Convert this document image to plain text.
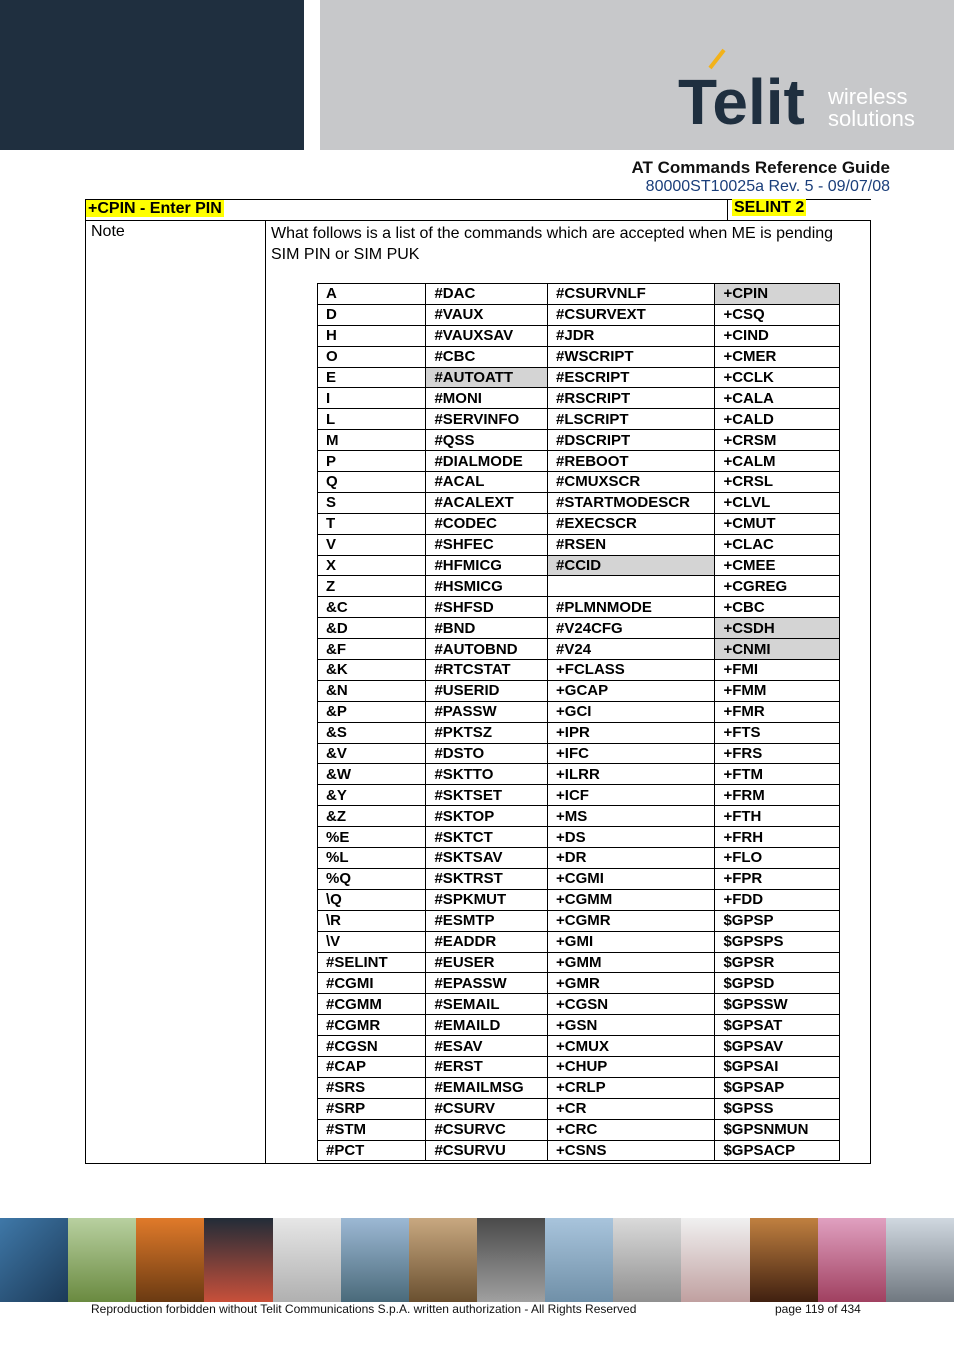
Telit wireless
solutions
AT Commands Reference Guide
80000ST10025a Rev. 5 - 09/07/08
+CPIN - Enter PIN
Note	What follows is a list of the commands which are accepted when ME is pending SIM PIN or SIM PUK
A	#DAC	#CSURVNLF	+CPIN	
D	#VAUX	#CSURVEXT	+CSQ	
H	#VAUXSAV	#JDR	+CIND	
O	#CBC	#WSCRIPT	+CMER	
E	#AUTOATT	#ESCRIPT	+CCLK	
I	#MONI	#RSCRIPT	+CALA	
L	#SERVINFO	#LSCRIPT	+CALD	
M	#QSS	#DSCRIPT	+CRSM	
P	#DIALMODE	#REBOOT	+CALM	
Q	#ACAL	#CMUXSCR	+CRSL	
S	#ACALEXT	#STARTMODESCR	+CLVL	
T	#CODEC	#EXECSCR	+CMUT	
V	#SHFEC	#RSEN	+CLAC	
X	#HFMICG	#CCID	+CMEE	
Z	#HSMICG		+CGREG	
&C	#SHFSD	#PLMNMODE	+CBC	
&D	#BND	#V24CFG	+CSDH	
&F	#AUTOBND	#V24	+CNMI	
&K	#RTCSTAT	+FCLASS	+FMI	
&N	#USERID	+GCAP	+FMM	
&P	#PASSW	+GCI	+FMR	
&S	#PKTSZ	+IPR	+FTS	
&V	#DSTO	+IFC	+FRS	
&W	#SKTTO	+ILRR	+FTM	
&Y	#SKTSET	+ICF	+FRM	
&Z	#SKTOP	+MS	+FTH	
%E	#SKTCT	+DS	+FRH	
%L	#SKTSAV	+DR	+FLO	
%Q	#SKTRST	+CGMI	+FPR	
\Q	#SPKMUT	+CGMM	+FDD	
\R	#ESMTP	+CGMR	$GPSP	
\V	#EADDR	+GMI	$GPSPS	
#SELINT	#EUSER	+GMM	$GPSR	
#CGMI	#EPASSW	+GMR	$GPSD	
#CGMM	#SEMAIL	+CGSN	$GPSSW	
#CGMR	#EMAILD	+GSN	$GPSAT	
#CGSN	#ESAV	+CMUX	$GPSAV	
#CAP	#ERST	+CHUP	$GPSAI	
#SRS	#EMAILMSG	+CRLP	$GPSAP	
#SRP	#CSURV	+CR	$GPSS	
#STM	#CSURVC	+CRC	$GPSNMUN	
#PCT	#CSURVU	+CSNS	$GPSACP	
SELINT 2
Reproduction forbidden without Telit Communications S.p.A. written authorization - All Rights Reserved	page 119 of 434
